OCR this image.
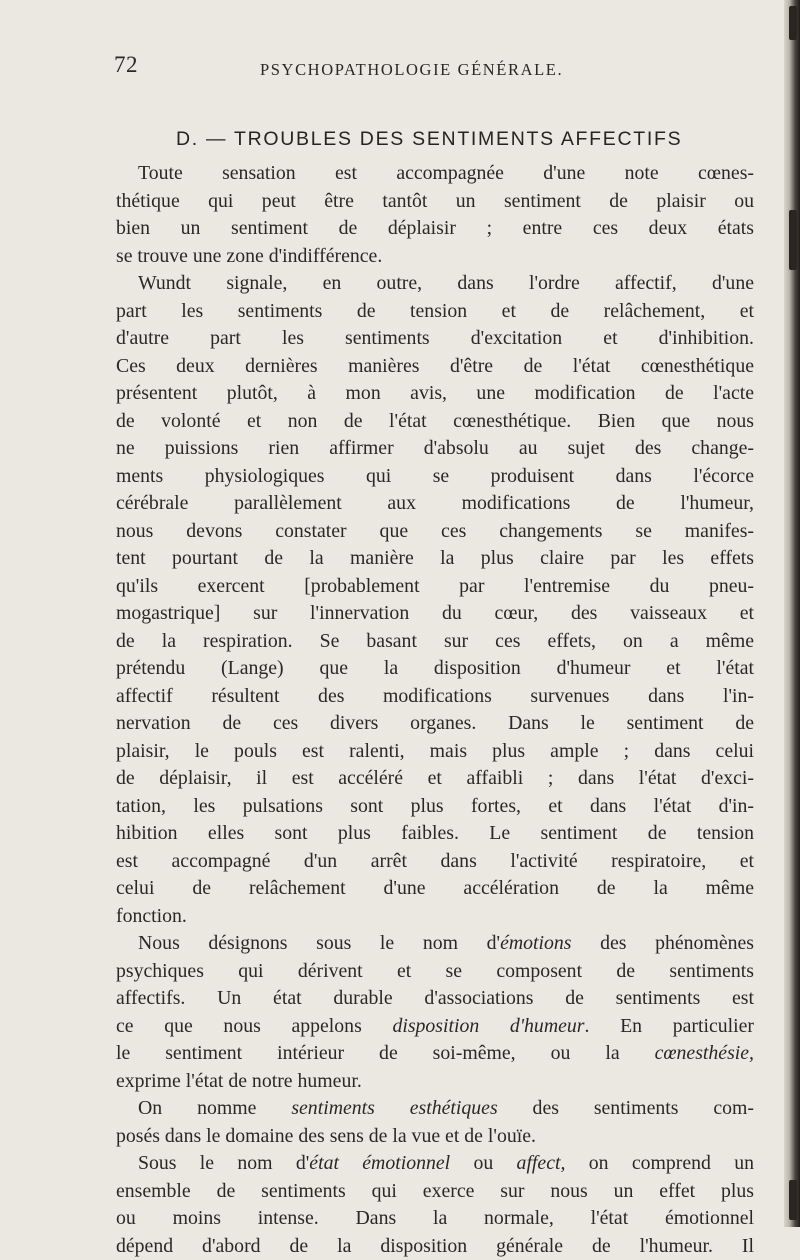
72	PSYCHOPATHOLOGIE GÉNÉRALE.
D. — TROUBLES DES SENTIMENTS AFFECTIFS
Toute sensation est accompagnée d'une note cœnes-
thétique qui peut être tantôt un sentiment de plaisir ou
bien un sentiment de déplaisir ; entre ces deux états
se trouve une zone d'indifférence.
Wundt signale, en outre, dans l'ordre affectif, d'une
part les sentiments de tension et de relâchement, et
d'autre part les sentiments d'excitation et d'inhibition.
Ces deux dernières manières d'être de l'état cœnesthétique
présentent plutôt, à mon avis, une modification de l'acte
de volonté et non de l'état cœnesthétique. Bien que nous
ne puissions rien affirmer d'absolu au sujet des change-
ments physiologiques qui se produisent dans l'écorce
cérébrale parallèlement aux modifications de l'humeur,
nous devons constater que ces changements se manifes-
tent pourtant de la manière la plus claire par les effets
qu'ils exercent [probablement par l'entremise du pneu-
mogastrique] sur l'innervation du cœur, des vaisseaux et
de la respiration. Se basant sur ces effets, on a même
prétendu (Lange) que la disposition d'humeur et l'état
affectif résultent des modifications survenues dans l'in-
nervation de ces divers organes. Dans le sentiment de
plaisir, le pouls est ralenti, mais plus ample ; dans celui
de déplaisir, il est accéléré et affaibli ; dans l'état d'exci-
tation, les pulsations sont plus fortes, et dans l'état d'in-
hibition elles sont plus faibles. Le sentiment de tension
est accompagné d'un arrêt dans l'activité respiratoire, et
celui de relâchement d'une accélération de la même
fonction.
Nous désignons sous le nom d'émotions des phénomènes
psychiques qui dérivent et se composent de sentiments
affectifs. Un état durable d'associations de sentiments est
ce que nous appelons disposition d'humeur. En particulier
le sentiment intérieur de soi-même, ou la cœnesthésie,
exprime l'état de notre humeur.
On nomme sentiments esthétiques des sentiments com-
posés dans le domaine des sens de la vue et de l'ouïe.
Sous le nom d'état émotionnel ou affect, on comprend un
ensemble de sentiments qui exerce sur nous un effet plus
ou moins intense. Dans la normale, l'état émotionnel
dépend d'abord de la disposition générale de l'humeur. Il
